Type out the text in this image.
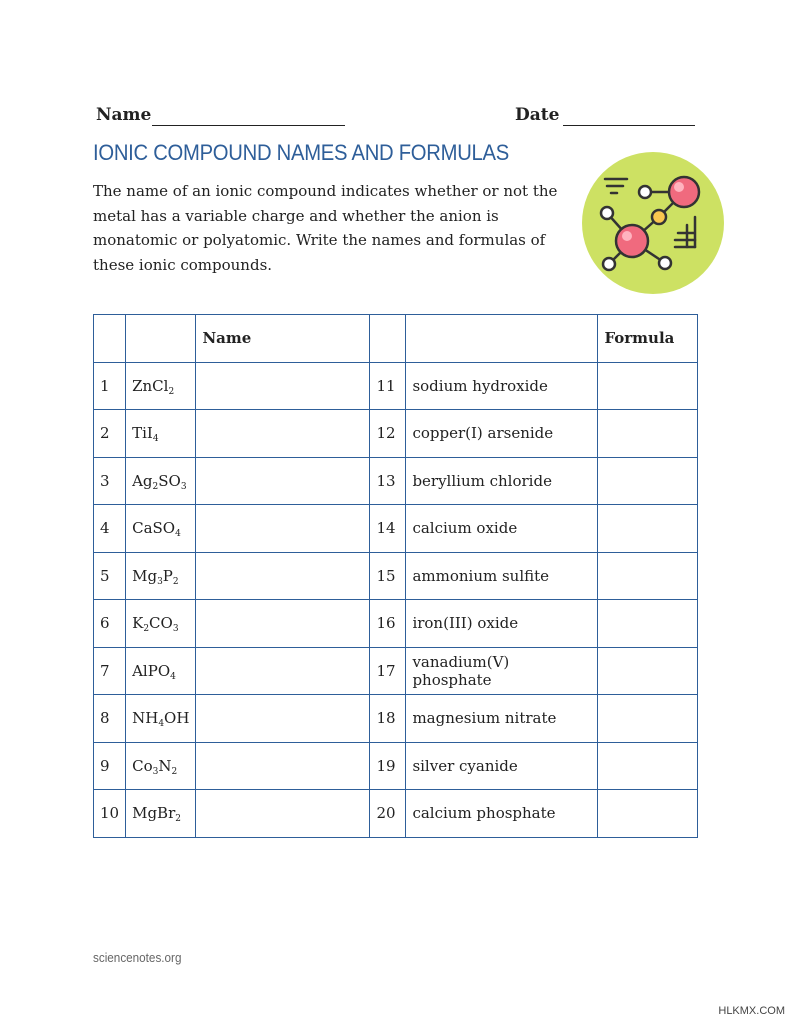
Name	Date
IONIC COMPOUND NAMES AND FORMULAS
The name of an ionic compound indicates whether or not the metal has a variable charge and whether the anion is monatomic or polyatomic. Write the names and formulas of these ionic compounds.
		Name			Formula
1	ZnCl$_2$		11	sodium hydroxide	
2	TiI$_4$		12	copper(I) arsenide	
3	$Ag_2SO_3$		13	beryllium chloride	
4	CaSO$_4$		14	calcium oxide	
5	$Mg_3P_2$		15	ammonium sulfite	
6	$K_2CO_3$		16	iron(III) oxide	
7	AlPO$_4$		17	vanadium(V) phosphate	
8	$NH_4OH$		18	magnesium nitrate	
9	$Co_3N_2$		19	silver cyanide	
10	MgBr$_2$		20	calcium phosphate	
sciencenotes.org
HLKMX.COM
